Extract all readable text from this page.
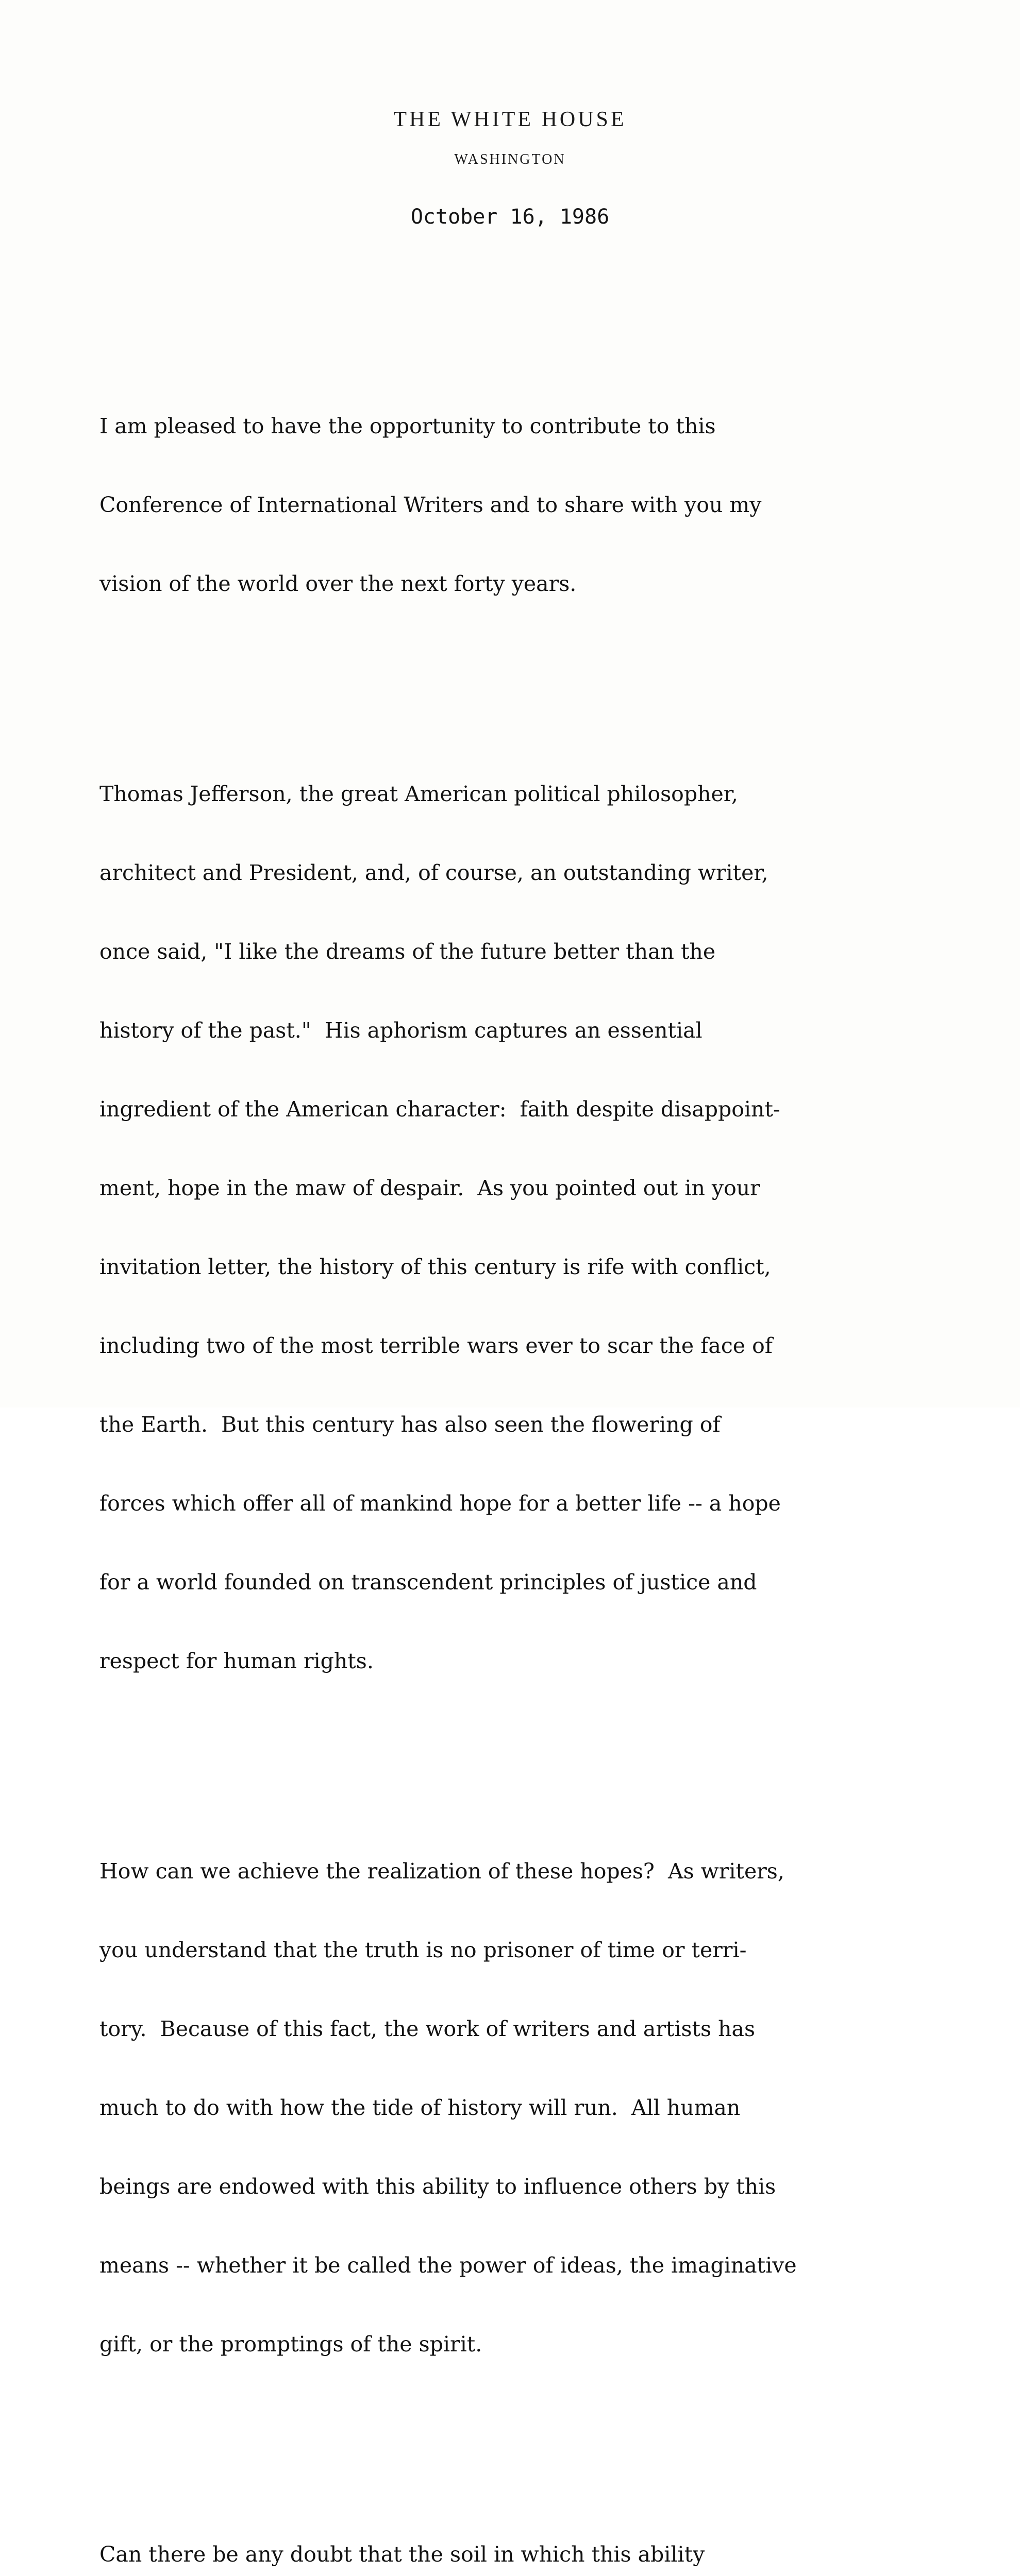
THE WHITE HOUSE
WASHINGTON
October 16, 1986

I am pleased to have the opportunity to contribute to this

Conference of International Writers and to share with you my

vision of the world over the next forty years.

Thomas Jefferson, the great American political philosopher,

architect and President, and, of course, an outstanding writer,

once said, "I like the dreams of the future better than the

history of the past."  His aphorism captures an essential

ingredient of the American character:  faith despite disappoint-

ment, hope in the maw of despair.  As you pointed out in your

invitation letter, the history of this century is rife with conflict,

including two of the most terrible wars ever to scar the face of

the Earth.  But this century has also seen the flowering of

forces which offer all of mankind hope for a better life -- a hope

for a world founded on transcendent principles of justice and

respect for human rights.

How can we achieve the realization of these hopes?  As writers,

you understand that the truth is no prisoner of time or terri-

tory.  Because of this fact, the work of writers and artists has

much to do with how the tide of history will run.  All human

beings are endowed with this ability to influence others by this

means -- whether it be called the power of ideas, the imaginative

gift, or the promptings of the spirit.

Can there be any doubt that the soil in which this ability
